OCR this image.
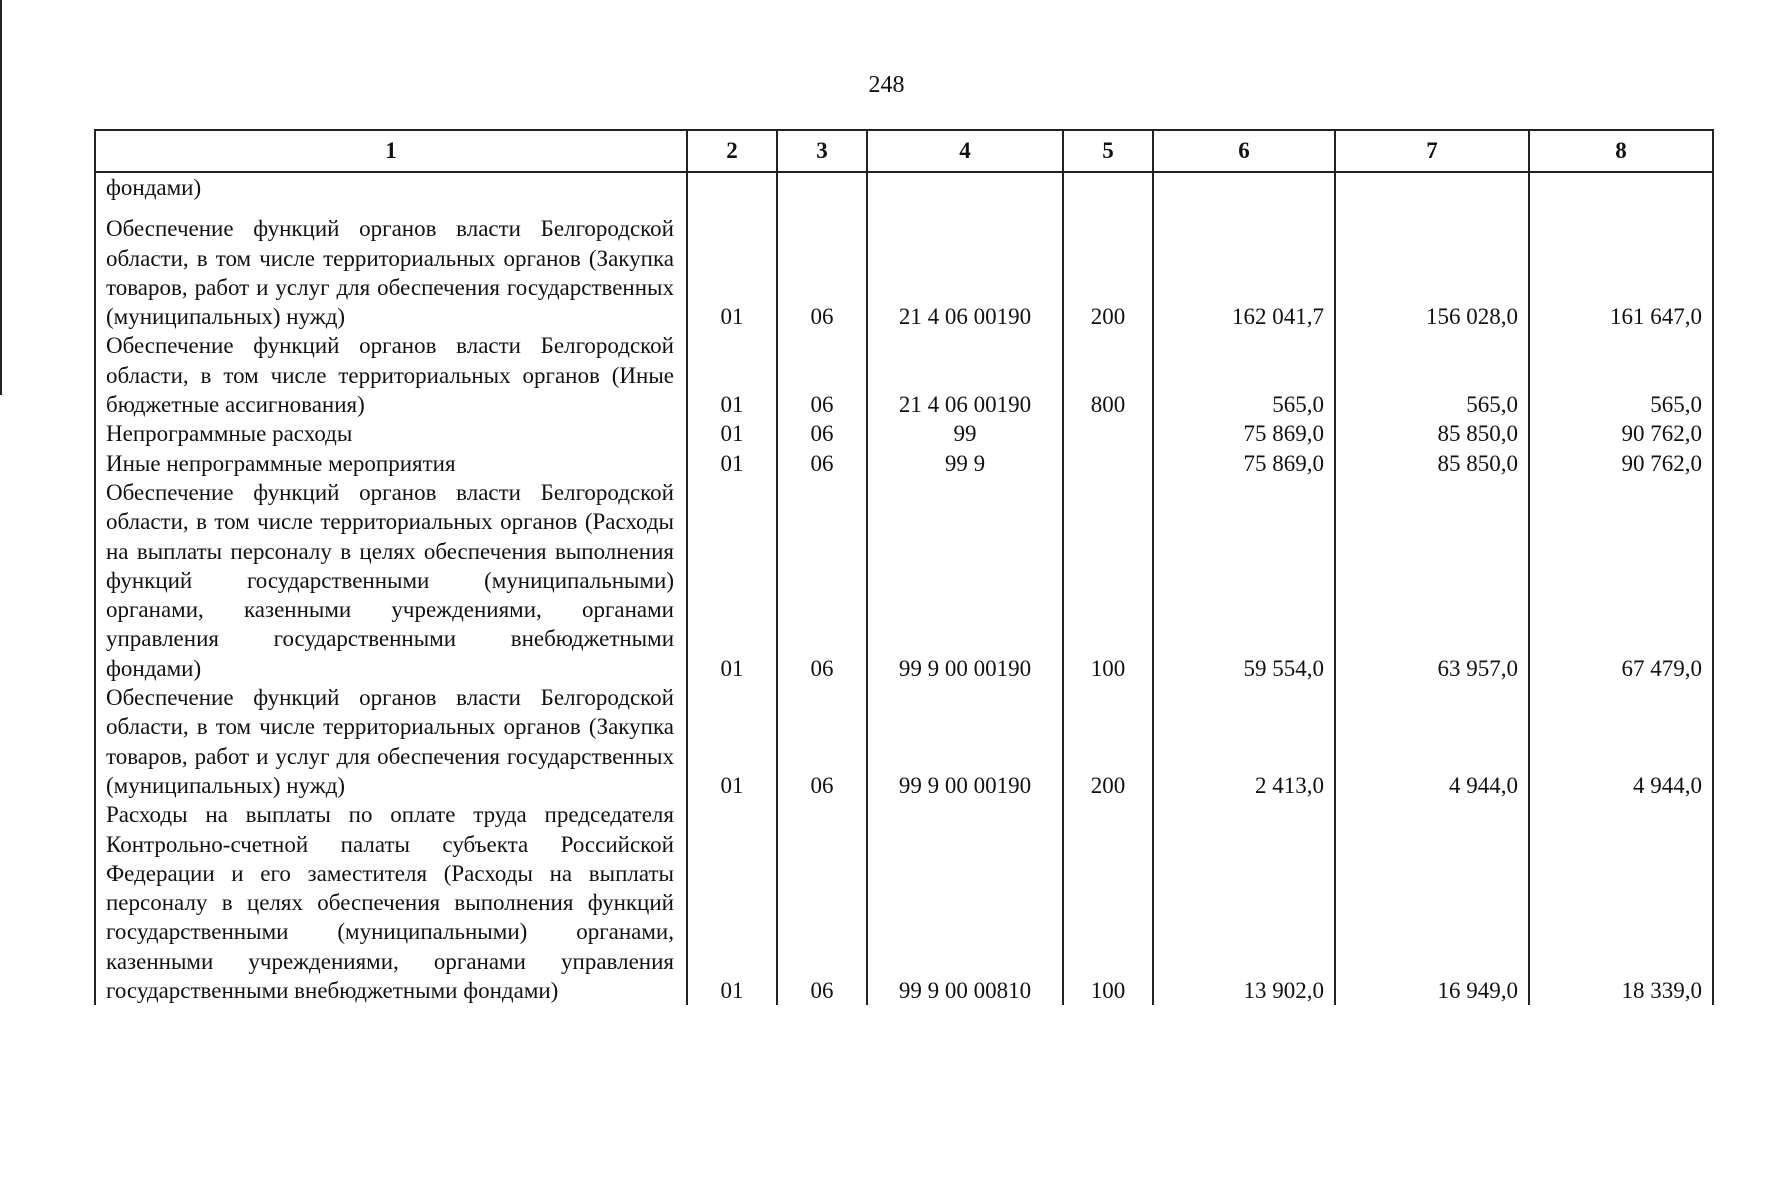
248
1	2	3	4	5	6	7	8
фондами)							

Обеспечение функций органов власти Белгородской области, в том числе территориальных органов (Закупка товаров, работ и услуг для обеспечения государственных (муниципальных) нужд)	01	06	21 4 06 00190	200	162 041,7	156 028,0	161 647,0
Обеспечение функций органов власти Белгородской области, в том числе территориальных органов (Иные бюджетные ассигнования)	01	06	21 4 06 00190	800	565,0	565,0	565,0
Непрограммные расходы	01	06	99		75 869,0	85 850,0	90 762,0
Иные непрограммные мероприятия	01	06	99 9		75 869,0	85 850,0	90 762,0
Обеспечение функций органов власти Белгородской области, в том числе территориальных органов (Расходы на выплаты персоналу в целях обеспечения выполнения функций государственными (муниципальными) органами, казенными учреждениями, органами управления государственными внебюджетными фондами)	01	06	99 9 00 00190	100	59 554,0	63 957,0	67 479,0
Обеспечение функций органов власти Белгородской области, в том числе территориальных органов (Закупка товаров, работ и услуг для обеспечения государственных (муниципальных) нужд)	01	06	99 9 00 00190	200	2 413,0	4 944,0	4 944,0
Расходы на выплаты по оплате труда председателя Контрольно-счетной палаты субъекта Российской Федерации и его заместителя (Расходы на выплаты персоналу в целях обеспечения выполнения функций государственными (муниципальными) органами, казенными учреждениями, органами управления государственными внебюджетными фондами)	01	06	99 9 00 00810	100	13 902,0	16 949,0	18 339,0
